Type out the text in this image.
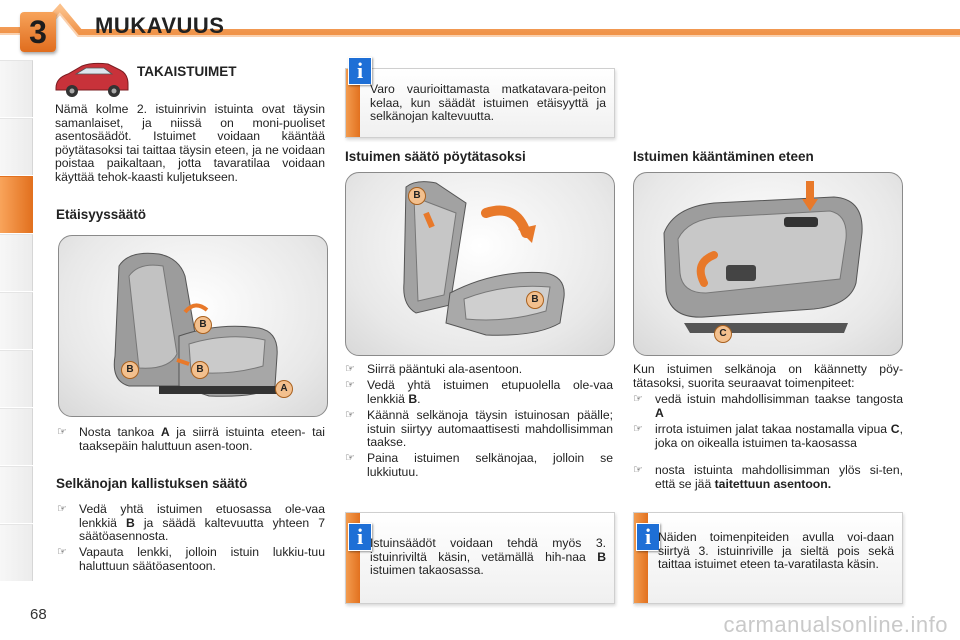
3	MUKAVUUS
TAKAISTUIMET
Nämä kolme 2. istuinrivin istuinta ovat täysin samanlaiset, ja niissä on moni-puoliset asentosäädöt. Istuimet voidaan kääntää pöytätasoksi tai taittaa täysin eteen, ja ne voidaan poistaa paikaltaan, jotta tavaratilaa voidaan käyttää tehok-kaasti kuljetukseen.
Etäisyyssäätö
B
B	B
A
☞ Nosta tankoa A ja siirrä istuinta eteen- tai taaksepäin haluttuun asen-toon.
Selkänojan kallistuksen säätö
☞ Vedä yhtä istuimen etuosassa ole-vaa lenkkiä B ja säädä kaltevuutta yhteen 7 säätöasennosta.
☞ Vapauta lenkki, jolloin istuin lukkiu-tuu haluttuun säätöasentoon.
i
Varo vaurioittamasta matkatavara-peiton kelaa, kun säädät istuimen etäisyyttä ja selkänojan kaltevuutta.
Istuimen säätö pöytätasoksi
B
B
☞ Siirrä pääntuki ala-asentoon.
☞ Vedä yhtä istuimen etupuolella ole-vaa lenkkiä B.
☞ Käännä selkänoja täysin istuinosan päälle; istuin siirtyy automaattisesti mahdollisimman taakse.
☞ Paina istuimen selkänojaa, jolloin se lukkiutuu.
i Istuinsäädöt voidaan tehdä myös 3. istuinriviltä käsin, vetämällä hih-naa B istuimen takaosassa.
Istuimen kääntäminen eteen
C
Kun istuimen selkänoja on käännetty pöy-tätasoksi, suorita seuraavat toimenpiteet:
☞ vedä istuin mahdollisimman taakse tangosta A
☞ irrota istuimen jalat takaa nostamalla vipua C, joka on oikealla istuimen ta-kaosassa
☞ nosta istuinta mahdollisimman ylös si-ten, että se jää taitettuun asentoon.
i Näiden toimenpiteiden avulla voi-daan siirtyä 3. istuinriville ja sieltä pois sekä taittaa istuimet eteen ta-varatilasta käsin.
68	carmanualsonline.info
